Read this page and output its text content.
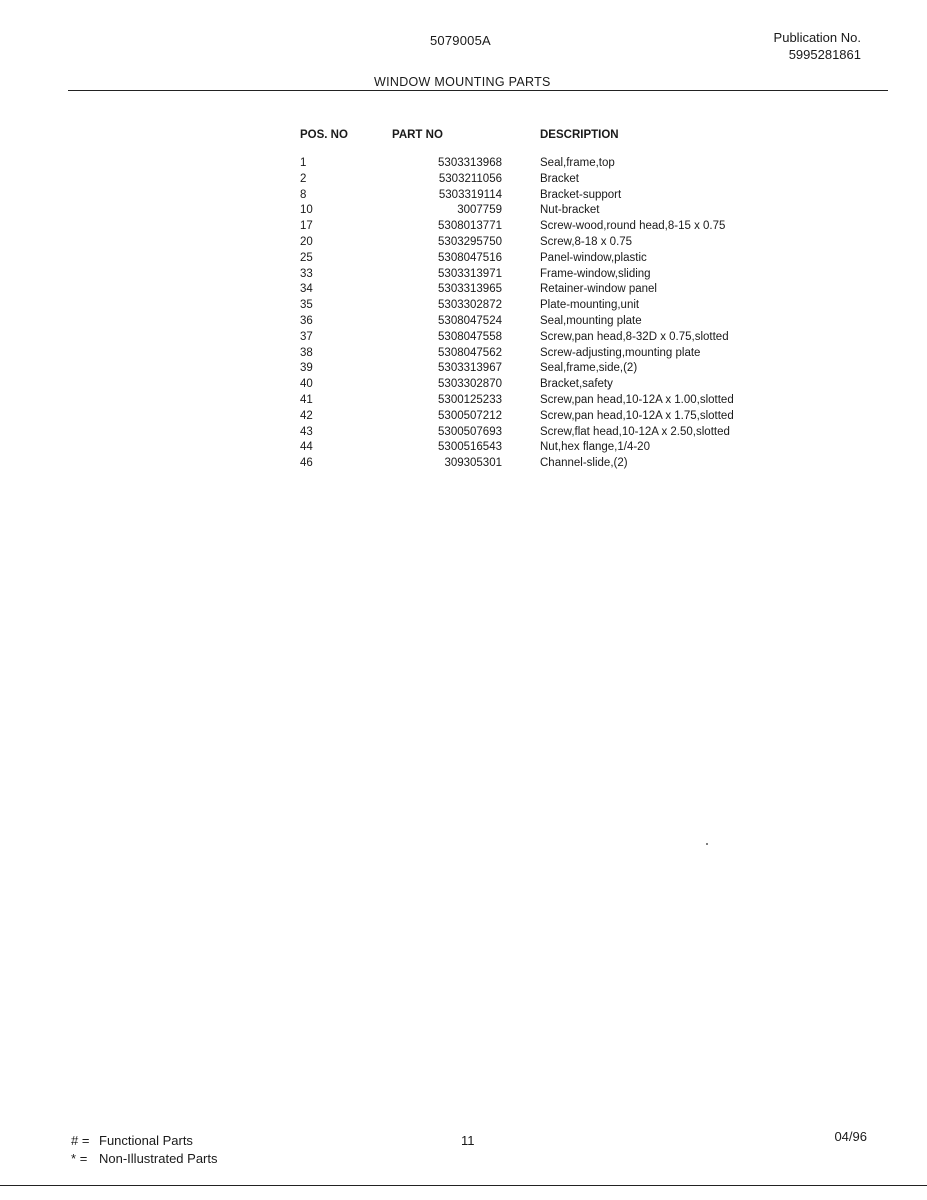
5079005A	Publication No.
5995281861
WINDOW MOUNTING PARTS
POS. NO	PART NO	DESCRIPTION
1	5303313968	Seal,frame,top
2	5303211056	Bracket
8	5303319114	Bracket-support
10	3007759	Nut-bracket
17	5308013771	Screw-wood,round head,8-15 x 0.75
20	5303295750	Screw,8-18 x 0.75
25	5308047516	Panel-window,plastic
33	5303313971	Frame-window,sliding
34	5303313965	Retainer-window panel
35	5303302872	Plate-mounting,unit
36	5308047524	Seal,mounting plate
37	5308047558	Screw,pan head,8-32D x 0.75,slotted
38	5308047562	Screw-adjusting,mounting plate
39	5303313967	Seal,frame,side,(2)
40	5303302870	Bracket,safety
41	5300125233	Screw,pan head,10-12A x 1.00,slotted
42	5300507212	Screw,pan head,10-12A x 1.75,slotted
43	5300507693	Screw,flat head,10-12A x 2.50,slotted
44	5300516543	Nut,hex flange,1/4-20
46	309305301	Channel-slide,(2)
# = Functional Parts
* = Non-Illustrated Parts
11	04/96
